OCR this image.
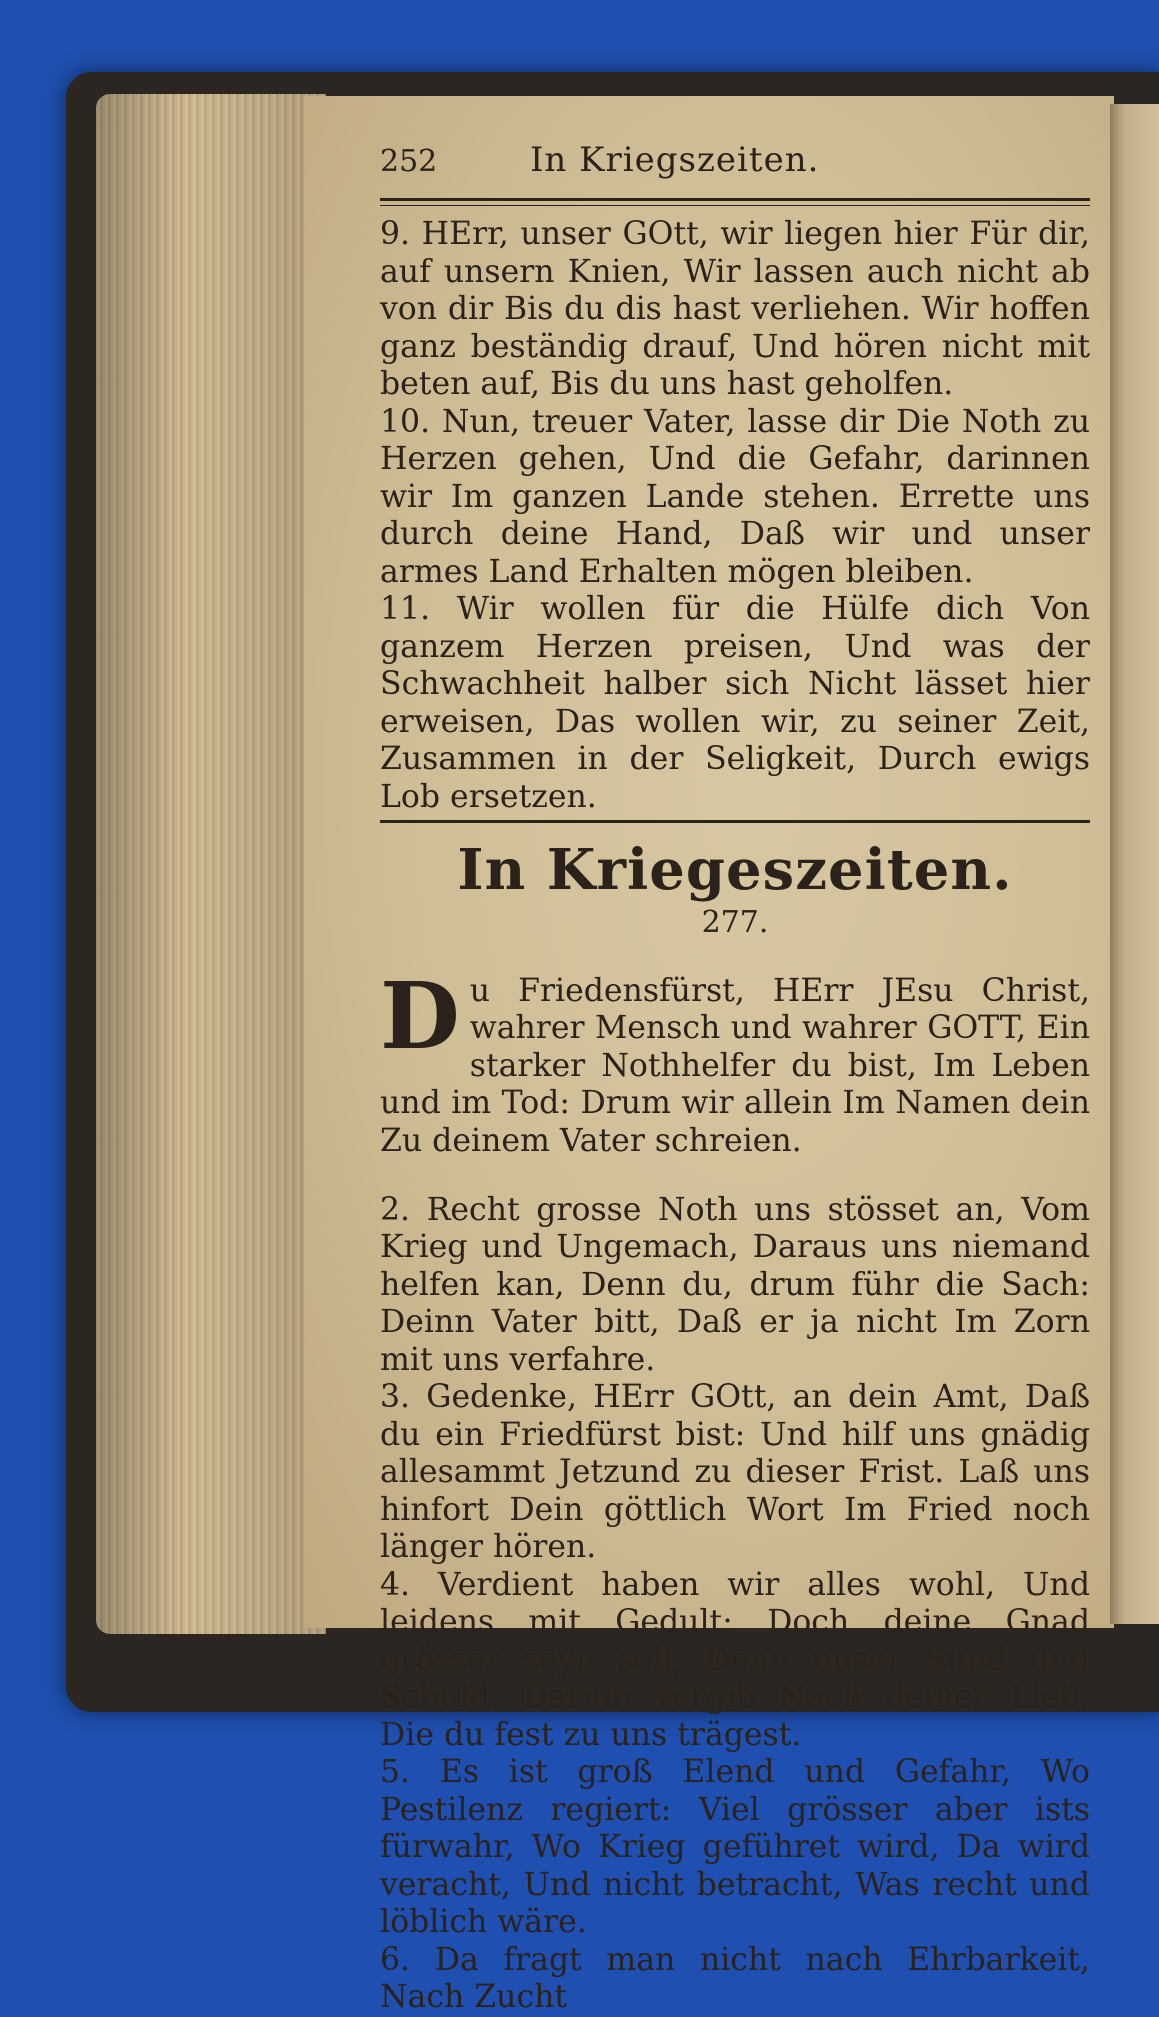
252	In Kriegszeiten.

9. HErr, unser GOtt, wir liegen hier Für dir, auf unsern Knien, Wir lassen auch nicht ab von dir Bis du dis hast verliehen. Wir hoffen ganz beständig drauf, Und hören nicht mit beten auf, Bis du uns hast geholfen.

10. Nun, treuer Vater, lasse dir Die Noth zu Herzen gehen, Und die Gefahr, darinnen wir Im ganzen Lande stehen. Errette uns durch deine Hand, Daß wir und unser armes Land Erhalten mögen bleiben.

11. Wir wollen für die Hülfe dich Von ganzem Herzen preisen, Und was der Schwachheit halber sich Nicht lässet hier erweisen, Das wollen wir, zu seiner Zeit, Zusammen in der Seligkeit, Durch ewigs Lob ersetzen.

In Kriegeszeiten.
277.

Du Friedensfürst, HErr JEsu Christ, wahrer Mensch und wahrer GOTT, Ein starker Nothhelfer du bist, Im Leben und im Tod: Drum wir allein Im Namen dein Zu deinem Vater schreien.

2. Recht grosse Noth uns stösset an, Vom Krieg und Ungemach, Daraus uns niemand helfen kan, Denn du, drum führ die Sach: Deinn Vater bitt, Daß er ja nicht Im Zorn mit uns verfahre.

3. Gedenke, HErr GOtt, an dein Amt, Daß du ein Friedfürst bist: Und hilf uns gnädig allesammt Jetzund zu dieser Frist. Laß uns hinfort Dein göttlich Wort Im Fried noch länger hören.

4. Verdient haben wir alles wohl, Und leidens mit Gedult: Doch deine Gnad grösser seyn soll, Denn unser Sünd und Schuld. Darum vergib Nach deiner Lieb, Die du fest zu uns trägest.

5. Es ist groß Elend und Gefahr, Wo Pestilenz regiert: Viel grösser aber ists fürwahr, Wo Krieg geführet wird, Da wird veracht, Und nicht betracht, Was recht und löblich wäre.

6. Da fragt man nicht nach Ehrbarkeit, Nach Zucht
